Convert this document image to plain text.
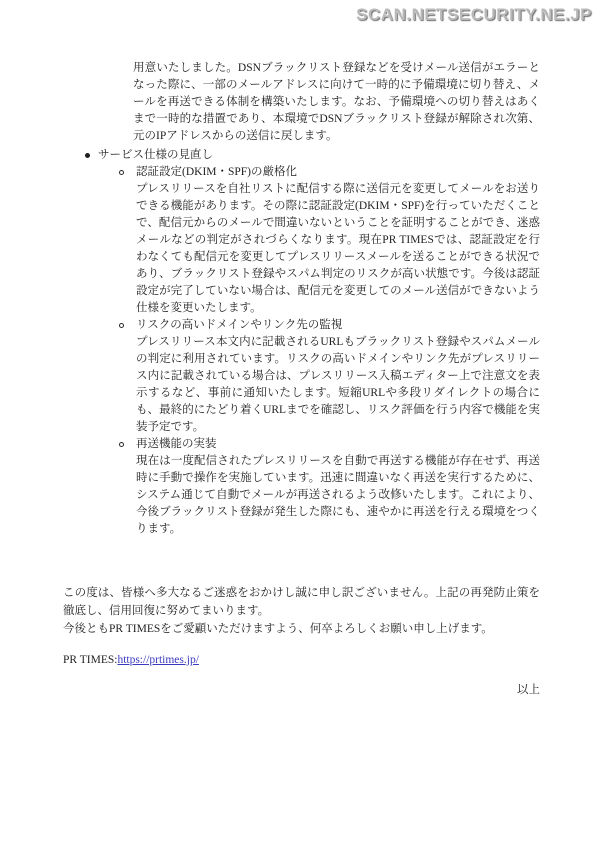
SCAN.NETSECURITY.NE.JP

用意いたしました。DSNブラックリスト登録などを受けメール送信がエラーとなった際に、一部のメールアドレスに向けて一時的に予備環境に切り替え、メールを再送できる体制を構築いたします。なお、予備環境への切り替えはあくまで一時的な措置であり、本環境でDSNブラックリスト登録が解除され次第、元のIPアドレスからの送信に戻します。

サービス仕様の見直し

認証設定(DKIM・SPF)の厳格化

プレスリリースを自社リストに配信する際に送信元を変更してメールをお送りできる機能があります。その際に認証設定(DKIM・SPF)を行っていただくことで、配信元からのメールで間違いないということを証明することができ、迷惑メールなどの判定がされづらくなります。現在PR TIMESでは、認証設定を行わなくても配信元を変更してプレスリリースメールを送ることができる状況であり、ブラックリスト登録やスパム判定のリスクが高い状態です。今後は認証設定が完了していない場合は、配信元を変更してのメール送信ができないよう仕様を変更いたします。

リスクの高いドメインやリンク先の監視

プレスリリース本文内に記載されるURLもブラックリスト登録やスパムメールの判定に利用されています。リスクの高いドメインやリンク先がプレスリリース内に記載されている場合は、プレスリリース入稿エディター上で注意文を表示するなど、事前に通知いたします。短縮URLや多段リダイレクトの場合にも、最終的にたどり着くURLまでを確認し、リスク評価を行う内容で機能を実装予定です。

再送機能の実装

現在は一度配信されたプレスリリースを自動で再送する機能が存在せず、再送時に手動で操作を実施しています。迅速に間違いなく再送を実行するために、システム通じて自動でメールが再送されるよう改修いたします。これにより、今後ブラックリスト登録が発生した際にも、速やかに再送を行える環境をつくります。

この度は、皆様へ多大なるご迷惑をおかけし誠に申し訳ございません。上記の再発防止策を徹底し、信用回復に努めてまいります。

今後ともPR TIMESをご愛顧いただけますよう、何卒よろしくお願い申し上げます。

PR TIMES:https://prtimes.jp/
以上
